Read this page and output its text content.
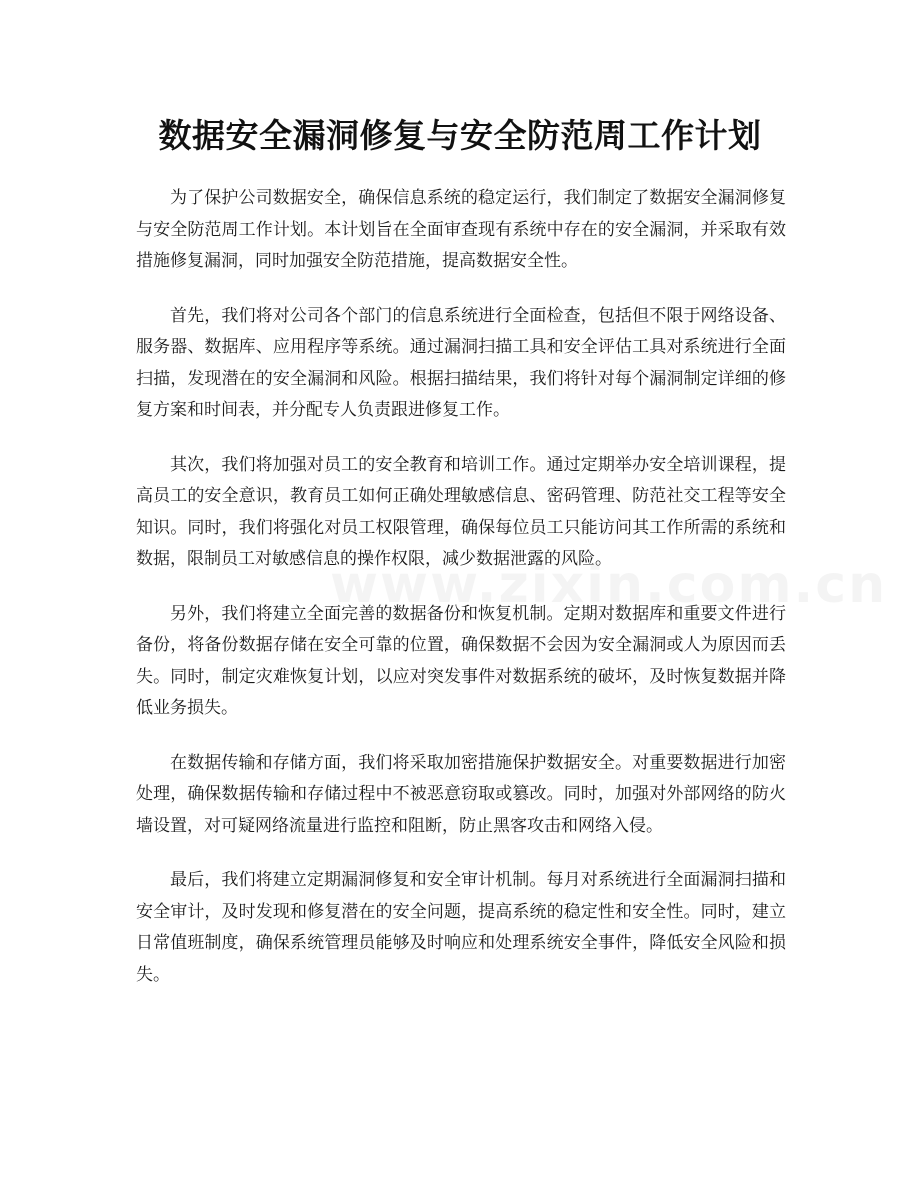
数据安全漏洞修复与安全防范周工作计划

为了保护公司数据安全，确保信息系统的稳定运行，我们制定了数据安全漏洞修复与安全防范周工作计划。本计划旨在全面审查现有系统中存在的安全漏洞，并采取有效措施修复漏洞，同时加强安全防范措施，提高数据安全性。

首先，我们将对公司各个部门的信息系统进行全面检查，包括但不限于网络设备、服务器、数据库、应用程序等系统。通过漏洞扫描工具和安全评估工具对系统进行全面扫描，发现潜在的安全漏洞和风险。根据扫描结果，我们将针对每个漏洞制定详细的修复方案和时间表，并分配专人负责跟进修复工作。

其次，我们将加强对员工的安全教育和培训工作。通过定期举办安全培训课程，提高员工的安全意识，教育员工如何正确处理敏感信息、密码管理、防范社交工程等安全知识。同时，我们将强化对员工权限管理，确保每位员工只能访问其工作所需的系统和数据，限制员工对敏感信息的操作权限，减少数据泄露的风险。

另外，我们将建立全面完善的数据备份和恢复机制。定期对数据库和重要文件进行备份，将备份数据存储在安全可靠的位置，确保数据不会因为安全漏洞或人为原因而丢失。同时，制定灾难恢复计划，以应对突发事件对数据系统的破坏，及时恢复数据并降低业务损失。

在数据传输和存储方面，我们将采取加密措施保护数据安全。对重要数据进行加密处理，确保数据传输和存储过程中不被恶意窃取或篡改。同时，加强对外部网络的防火墙设置，对可疑网络流量进行监控和阻断，防止黑客攻击和网络入侵。

最后，我们将建立定期漏洞修复和安全审计机制。每月对系统进行全面漏洞扫描和安全审计，及时发现和修复潜在的安全问题，提高系统的稳定性和安全性。同时，建立日常值班制度，确保系统管理员能够及时响应和处理系统安全事件，降低安全风险和损失。
